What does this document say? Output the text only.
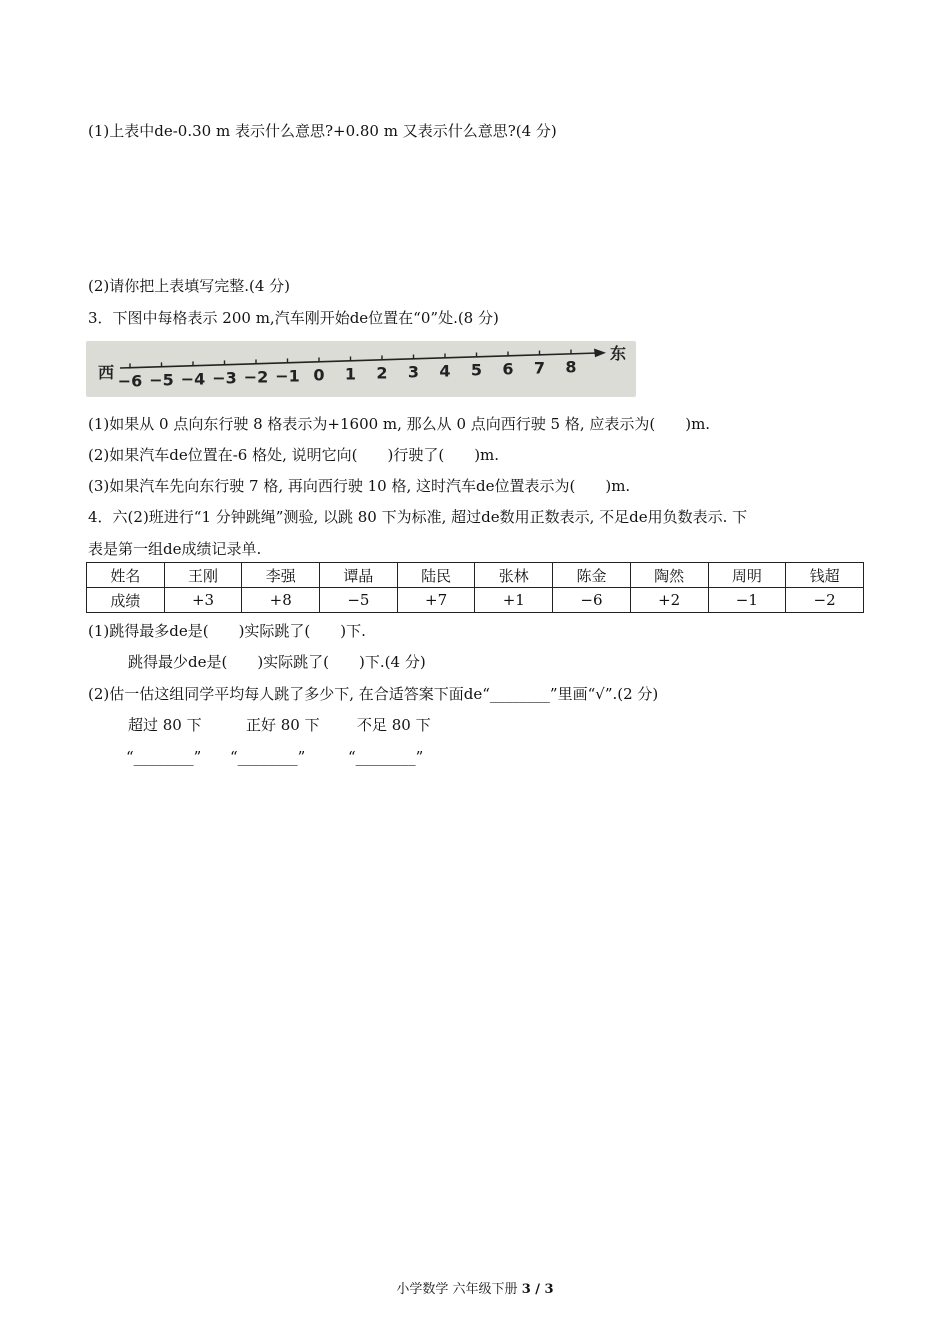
(1)上表中de-0.30 m 表示什么意思?+0.80 m 又表示什么意思?(4 分)
(2)请你把上表填写完整.(4 分)
3．下图中每格表示 200 m,汽车刚开始de位置在“0”处.(8 分)
西
东
−6 −5 −4 −3 −2 −1 0 1 2 3 4 5 6 7 8
(1)如果从 0 点向东行驶 8 格表示为+1600 m, 那么从 0 点向西行驶 5 格, 应表示为(　　)m.
(2)如果汽车de位置在-6 格处, 说明它向(　　)行驶了(　　)m.
(3)如果汽车先向东行驶 7 格, 再向西行驶 10 格, 这时汽车de位置表示为(　　)m.
4．六(2)班进行“1 分钟跳绳”测验, 以跳 80 下为标准, 超过de数用正数表示, 不足de用负数表示. 下
表是第一组de成绩记录单.
姓名	王刚	李强	谭晶	陆民	张林	陈金	陶然	周明	钱超
成绩	+3	+8	−5	+7	+1	−6	+2	−1	−2
(1)跳得最多de是(　　)实际跳了(　　)下.
跳得最少de是(　　)实际跳了(　　)下.(4 分)
(2)估一估这组同学平均每人跳了多少下, 在合适答案下面de“________”里画“√”.(2 分)
超过 80 下	正好 80 下 不足 80 下
“________” “________”	“________”
小学数学 六年级下册 3 / 3
